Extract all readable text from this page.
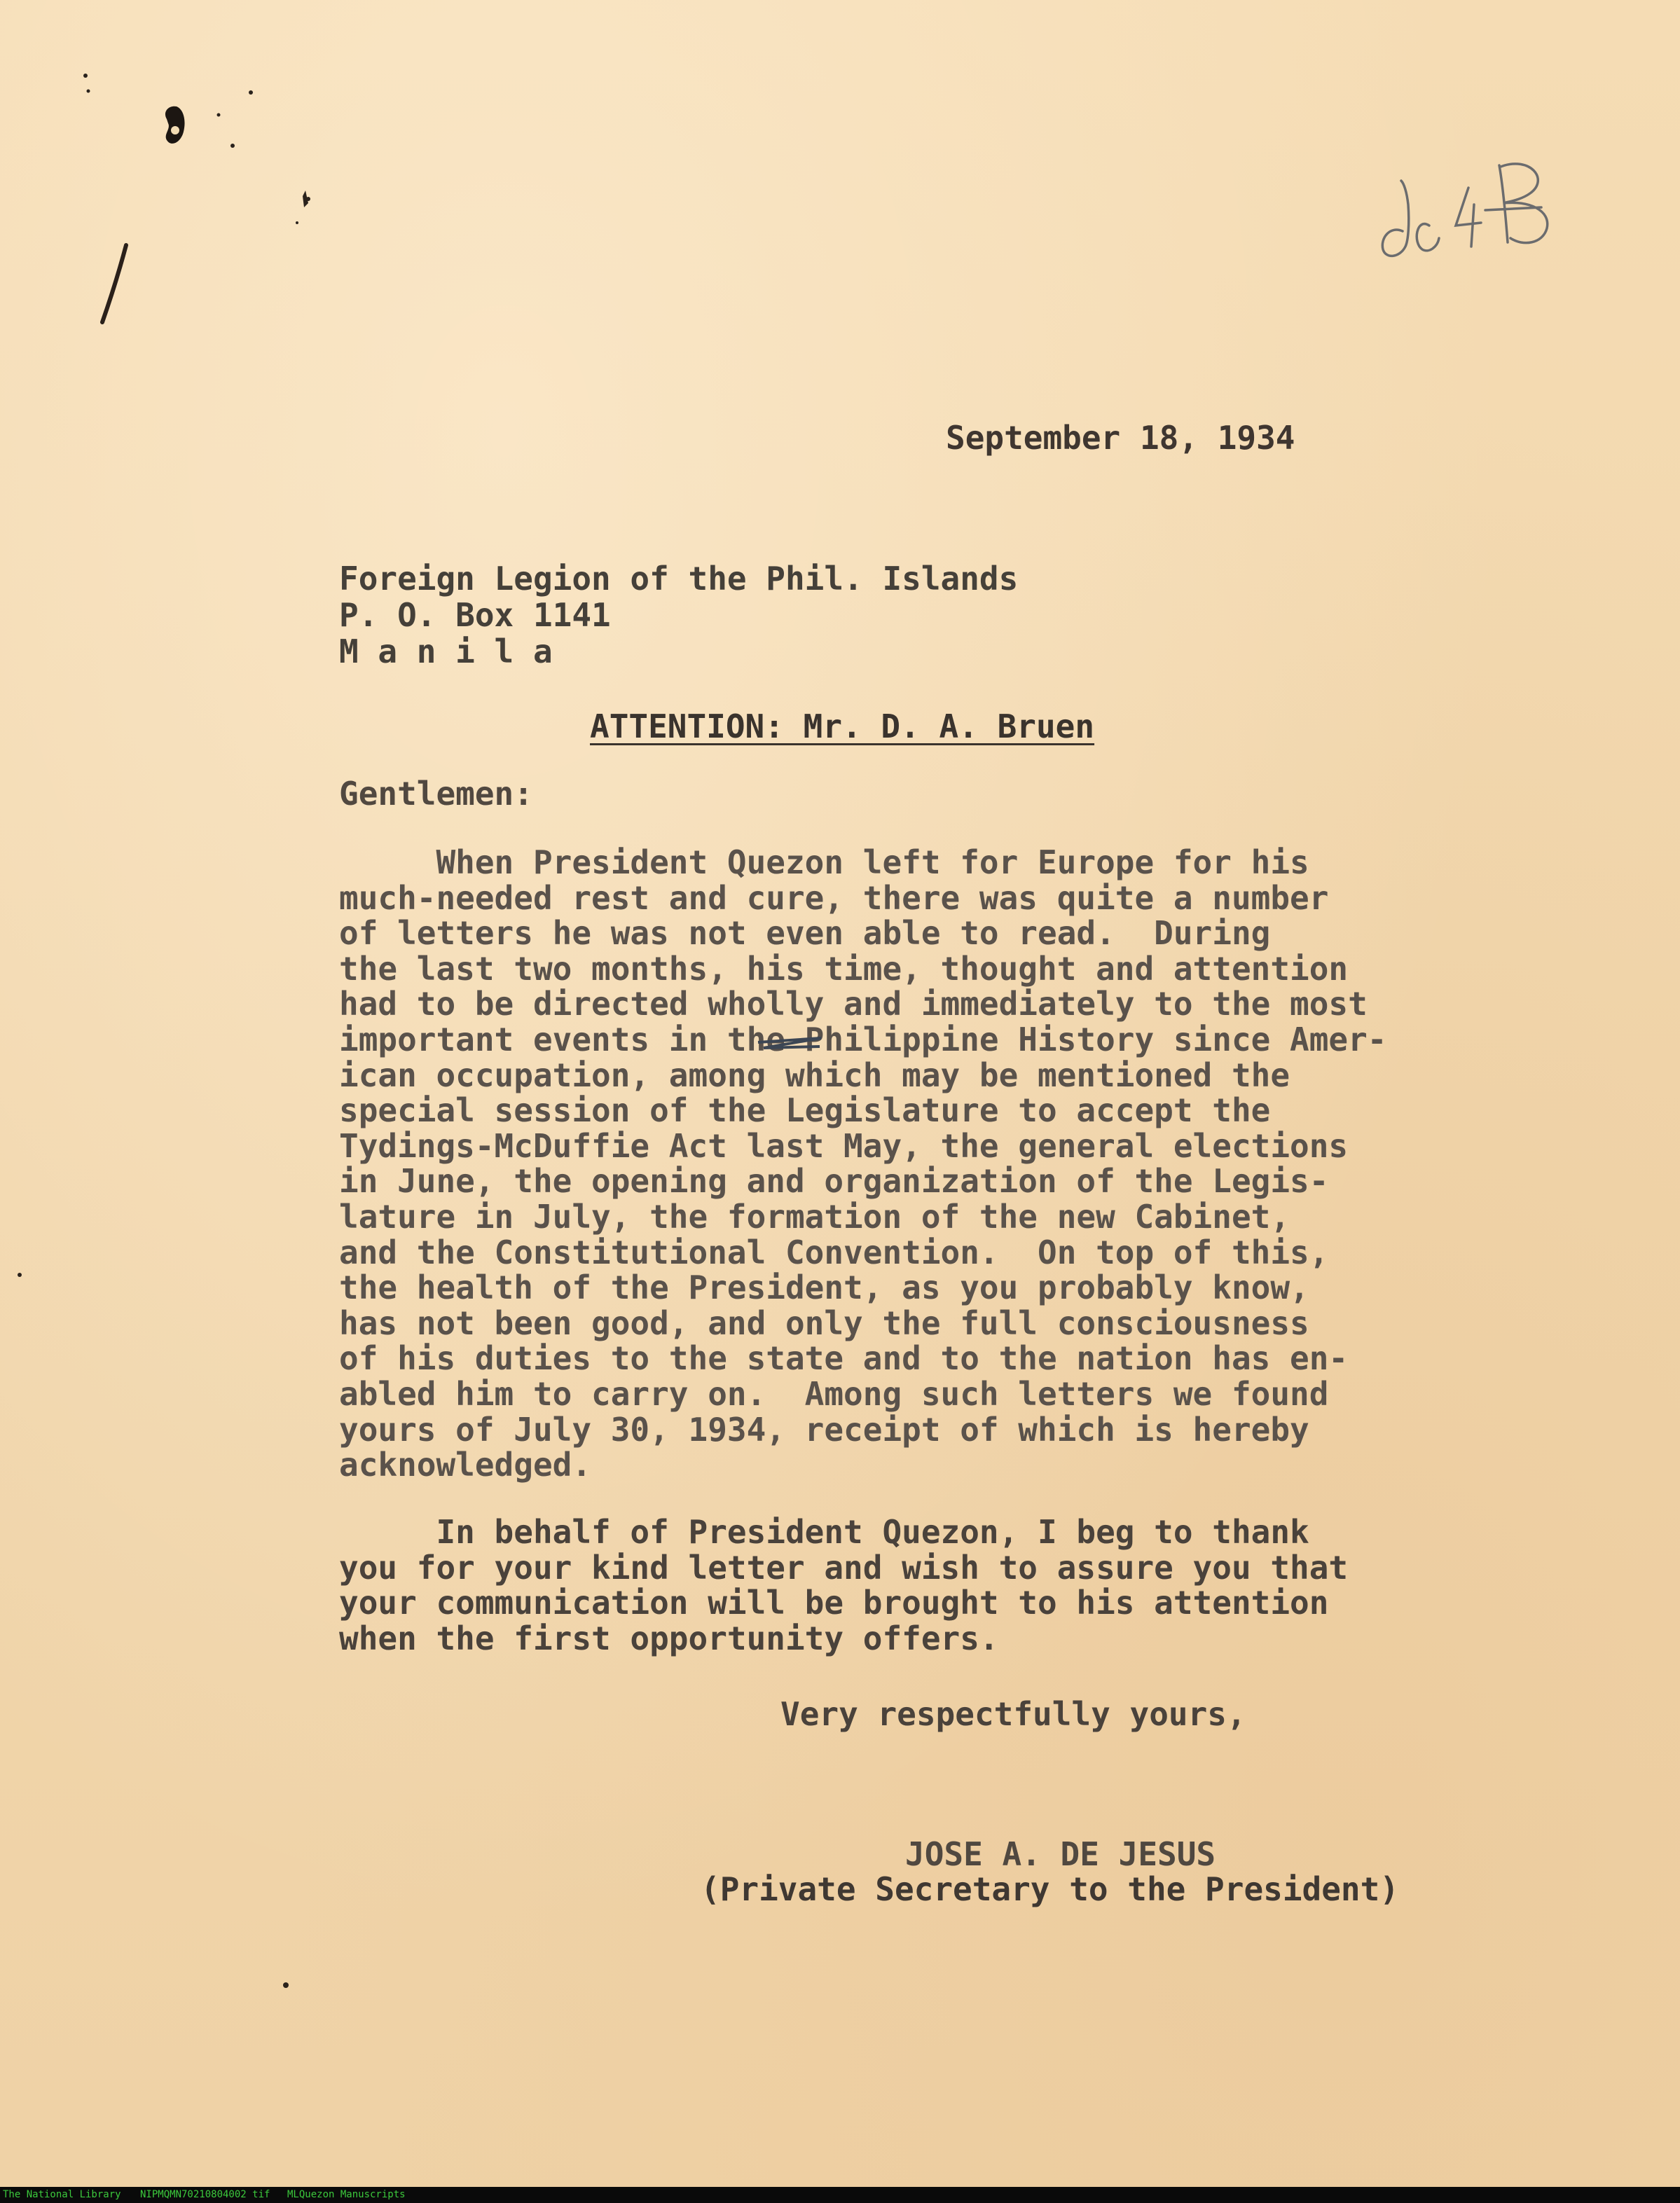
September 18, 1934
Foreign Legion of the Phil. Islands
P. O. Box 1141
M a n i l a
ATTENTION: Mr. D. A. Bruen
Gentlemen:
When President Quezon left for Europe for his
much-needed rest and cure, there was quite a number
of letters he was not even able to read.  During
the last two months, his time, thought and attention
had to be directed wholly and immediately to the most
important events in the Philippine History since Amer-
ican occupation, among which may be mentioned the
special session of the Legislature to accept the
Tydings-McDuffie Act last May, the general elections
in June, the opening and organization of the Legis-
lature in July, the formation of the new Cabinet,
and the Constitutional Convention.  On top of this,
the health of the President, as you probably know,
has not been good, and only the full consciousness
of his duties to the state and to the nation has en-
abled him to carry on.  Among such letters we found
yours of July 30, 1934, receipt of which is hereby
acknowledged.
In behalf of President Quezon, I beg to thank
you for your kind letter and wish to assure you that
your communication will be brought to his attention
when the first opportunity offers.
Very respectfully yours,
JOSE A. DE JESUS
(Private Secretary to the President)
The National Library NIPMQMN70210804002 tif MLQuezon Manuscripts
